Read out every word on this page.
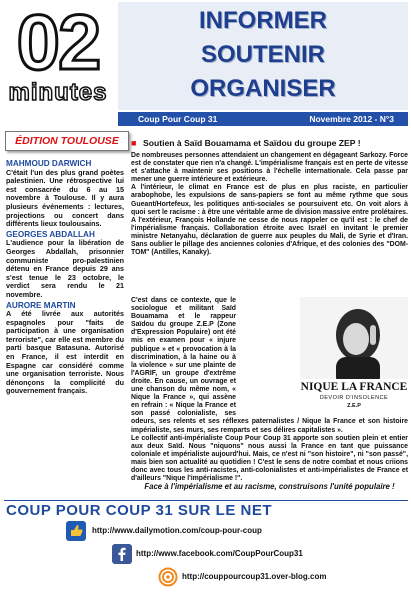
02
minutes
INFORMER
SOUTENIR
ORGANISER
Coup Pour Coup 31	Novembre 2012 - N°3
ÉDITION TOULOUSE

MAHMOUD DARWICH

C'était l'un des plus grand poètes palestinien. Une rétrospective lui est consacrée du 6 au 15 novembre à Toulouse. Il y aura plusieurs événements : lectures, projections ou concert dans différents lieux toulousains.

GEORGES ABDALLAH

L'audience pour la libération de Georges Abdallah, prisonnier communiste pro-palestinien détenu en France depuis 29 ans s'est tenue le 23 octobre, le verdict sera rendu le 21 novembre.

AURORE MARTIN

A été livrée aux autorités espagnoles pour "faits de participation à une organisation terroriste", car elle est membre du parti basque Batasuna. Autorisé en France, il est interdit en Espagne car considéré comme une organisation terroriste. Nous dénonçons la complicité du gouvernement français.

■ Soutien à Saïd Bouamama et Saïdou du groupe ZEP !

De nombreuses personnes attendaient un changement en dégageant Sarkozy. Force est de constater que rien n'a changé. L'impérialisme français est en perte de vitesse et s'attache à maintenir ses positions à l'échelle internationale. Cela passe par mener une guerre intérieure et extérieure.

A l'intérieur, le climat en France est de plus en plus raciste, en particulier arabophobe, les expulsions de sans-papiers se font au même rythme que sous Gueant/Hortefeux, les politiques anti-sociales se poursuivent etc. On voit alors à quoi sert le racisme : à être une véritable arme de division massive entre prolétaires.

A l'extérieur, François Hollande ne cesse de nous rappeler ce qu'il est : le chef de l'impérialisme français. Collaboration étroite avec Israël en invitant le premier ministre Netanyahu, déclaration de guerre aux peuples du Mali, de Syrie et d'Iran. Sans oublier le pillage des anciennes colonies d'Afrique, et des colonies des "DOM-TOM" (Antilles, Kanaky).

NIQUE LA FRANCE
DEVOIR D'INSOLENCE
Z.E.P

C'est dans ce contexte, que le sociologue et militant Saïd Bouamama et le rappeur Saïdou du groupe Z.E.P (Zone d'Expression Populaire) ont été mis en examen pour « injure publique » et « provocation à la discrimination, à la haine ou à la violence » sur une plainte de l'AGRIF, un groupe d'extrême droite. En cause, un ouvrage et une chanson du même nom, « Nique la France », qui assène en refrain : « Nique la France et son passé colonialiste, ses odeurs, ses relents et ses réflexes paternalistes / Nique la France et son histoire impérialiste, ses murs, ses remparts et ses délires capitalistes ».

Le collectif anti-impérialiste Coup Pour Coup 31 apporte son soutien plein et entier aux deux Saïd. Nous "niquons" nous aussi la France en tant que puissance coloniale et impérialiste aujourd'hui. Mais, ce n'est ni "son histoire", ni "son passé", mais bien son actualité au quotidien ! C'est le sens de notre combat et nous criions donc avec tous les anti-racistes, anti-colonialistes et anti-impérialistes de France et d'ailleurs "Nique l'impérialisme !".

Face à l'impérialisme et au racisme, construisons l'unité populaire !
COUP POUR COUP 31 SUR LE NET
http://www.dailymotion.com/coup-pour-coup
http://www.facebook.com/CoupPourCoup31
http://couppourcoup31.over-blog.com
